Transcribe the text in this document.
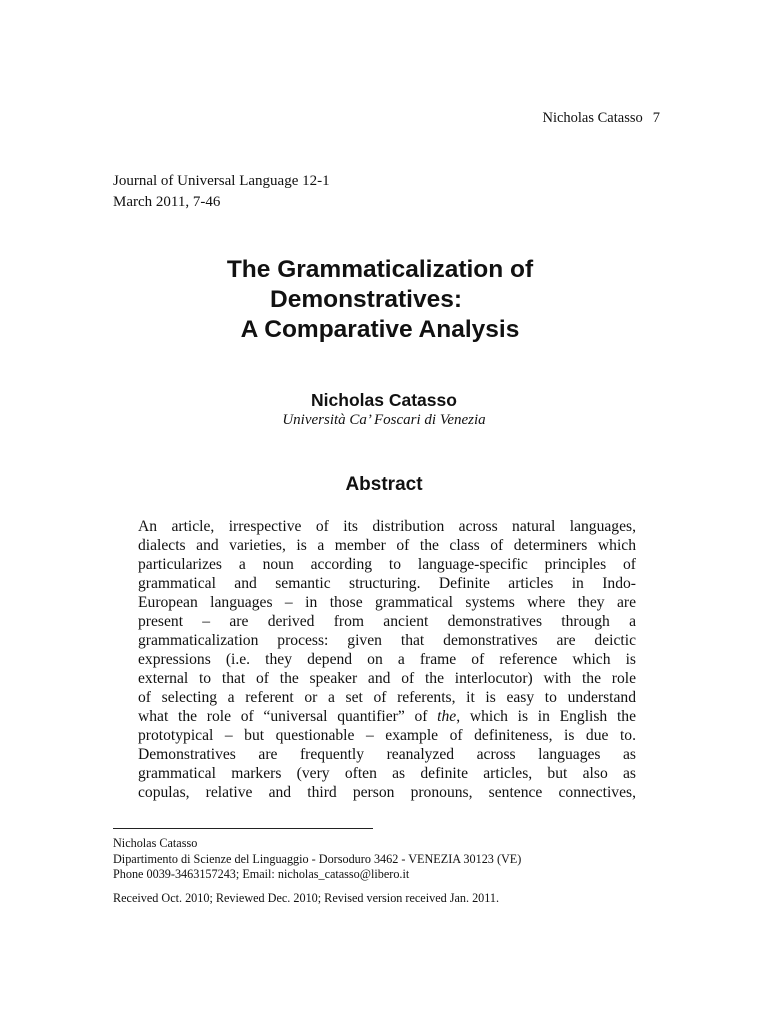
Nicholas Catasso 7
Journal of Universal Language 12-1
March 2011, 7-46
The Grammaticalization of
Demonstratives:
A Comparative Analysis
Nicholas Catasso
Università Ca’ Foscari di Venezia
Abstract
An article, irrespective of its distribution across natural languages,
dialects and varieties, is a member of the class of determiners which
particularizes a noun according to language-specific principles of
grammatical and semantic structuring. Definite articles in Indo-
European languages – in those grammatical systems where they are
present – are derived from ancient demonstratives through a
grammaticalization process: given that demonstratives are deictic
expressions (i.e. they depend on a frame of reference which is
external to that of the speaker and of the interlocutor) with the role
of selecting a referent or a set of referents, it is easy to understand
what the role of “universal quantifier” of the, which is in English the
prototypical – but questionable – example of definiteness, is due to.
Demonstratives are frequently reanalyzed across languages as
grammatical markers (very often as definite articles, but also as
copulas, relative and third person pronouns, sentence connectives,
Nicholas Catasso
Dipartimento di Scienze del Linguaggio - Dorsoduro 3462 - VENEZIA 30123 (VE)
Phone 0039-3463157243; Email: nicholas_catasso@libero.it
Received Oct. 2010; Reviewed Dec. 2010; Revised version received Jan. 2011.
